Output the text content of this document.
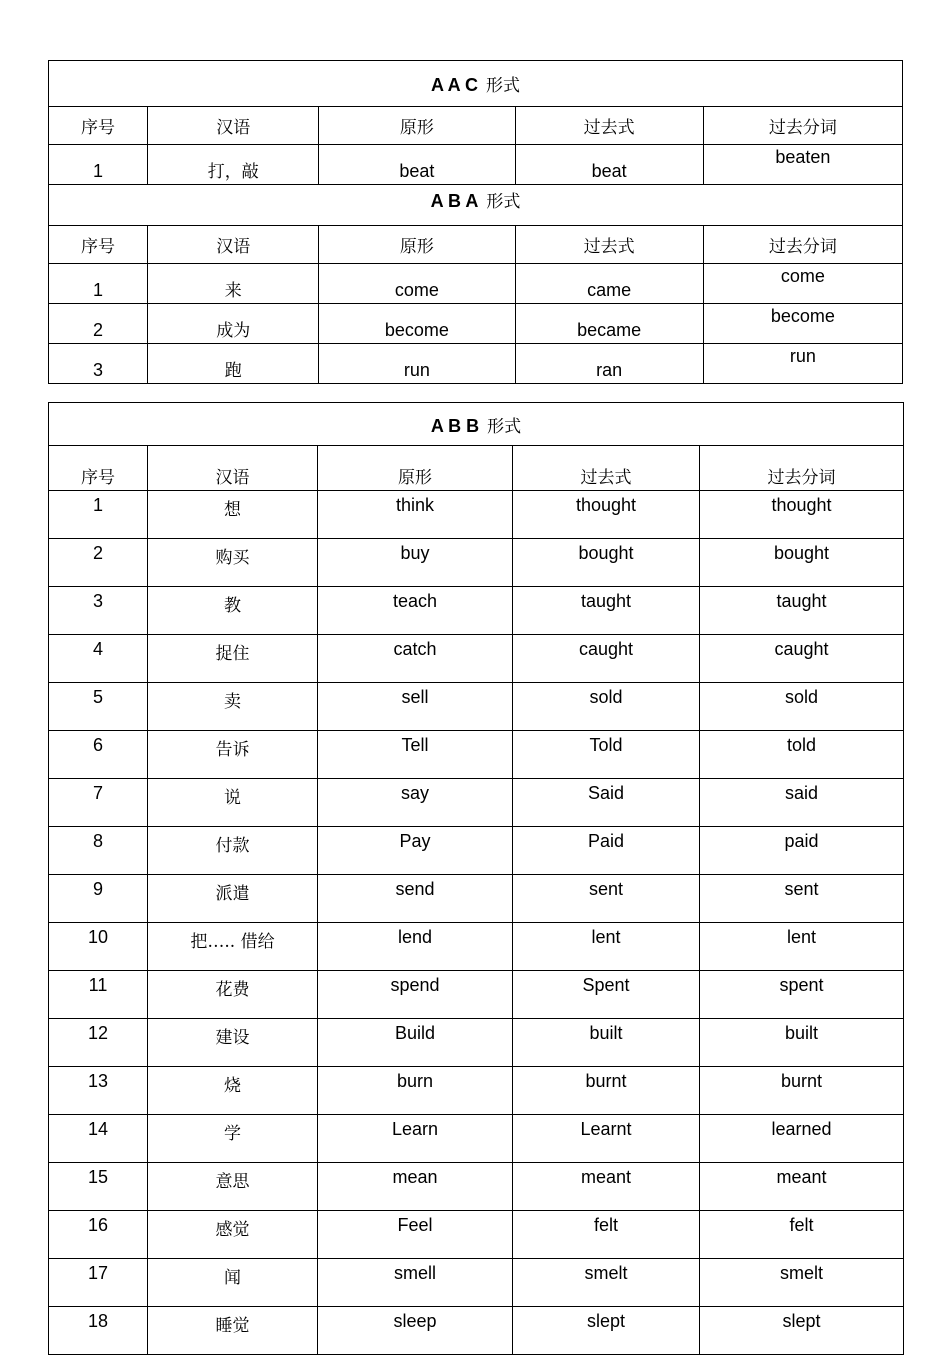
A A C 形式				
序号	汉语	原形	过去式	过去分词
1	打，敲	beat	beat	beaten
A B A 形式				
序号	汉语	原形	过去式	过去分词
1	来	come	came	come
2	成为	become	became	become
3	跑	run	ran	run
A B B 形式				
序号	汉语	原形	过去式	过去分词
1	想	think	thought	thought
2	购买	buy	bought	bought
3	教	teach	taught	taught
4	捉住	catch	caught	caught
5	卖	sell	sold	sold
6	告诉	Tell	Told	told
7	说	say	Said	said
8	付款	Pay	Paid	paid
9	派遣	send	sent	sent
10	把….. 借给	lend	lent	lent
11	花费	spend	Spent	spent
12	建设	Build	built	built
13	烧	burn	burnt	burnt
14	学	Learn	Learnt	learned
15	意思	mean	meant	meant
16	感觉	Feel	felt	felt
17	闻	smell	smelt	smelt
18	睡觉	sleep	slept	slept
